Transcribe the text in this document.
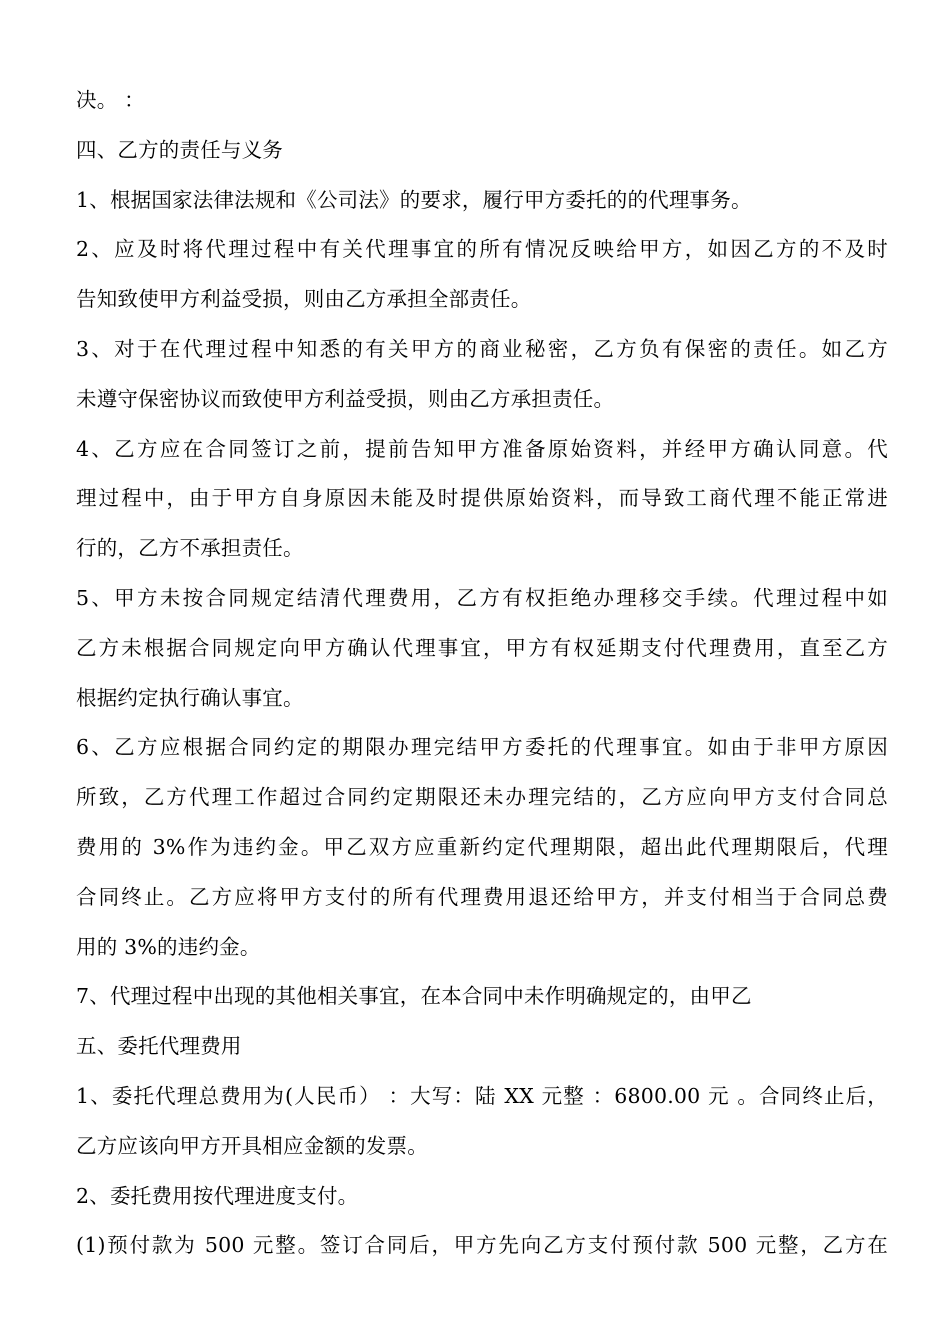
决。 ：
四、乙方的责任与义务
1、根据国家法律法规和《公司法》的要求，履行甲方委托的的代理事务。
2、应及时将代理过程中有关代理事宜的所有情况反映给甲方，如因乙方的不及时
告知致使甲方利益受损，则由乙方承担全部责任。
3、对于在代理过程中知悉的有关甲方的商业秘密，乙方负有保密的责任。如乙方
未遵守保密协议而致使甲方利益受损，则由乙方承担责任。
4、乙方应在合同签订之前，提前告知甲方准备原始资料，并经甲方确认同意。代
理过程中，由于甲方自身原因未能及时提供原始资料，而导致工商代理不能正常进
行的，乙方不承担责任。
5、甲方未按合同规定结清代理费用，乙方有权拒绝办理移交手续。代理过程中如
乙方未根据合同规定向甲方确认代理事宜，甲方有权延期支付代理费用，直至乙方
根据约定执行确认事宜。
6、乙方应根据合同约定的期限办理完结甲方委托的代理事宜。如由于非甲方原因
所致，乙方代理工作超过合同约定期限还未办理完结的，乙方应向甲方支付合同总
费用的 3%作为违约金。甲乙双方应重新约定代理期限，超出此代理期限后，代理
合同终止。乙方应将甲方支付的所有代理费用退还给甲方，并支付相当于合同总费
用的 3%的违约金。
7、代理过程中出现的其他相关事宜，在本合同中未作明确规定的，由甲乙
五、委托代理费用
1、委托代理总费用为(人民币） ：大写：陆 XX 元整 ：6800.00 元 。合同终止后，
乙方应该向甲方开具相应金额的发票。
2、委托费用按代理进度支付。
(1)预付款为 500 元整。签订合同后，甲方先向乙方支付预付款 500 元整，乙方在
